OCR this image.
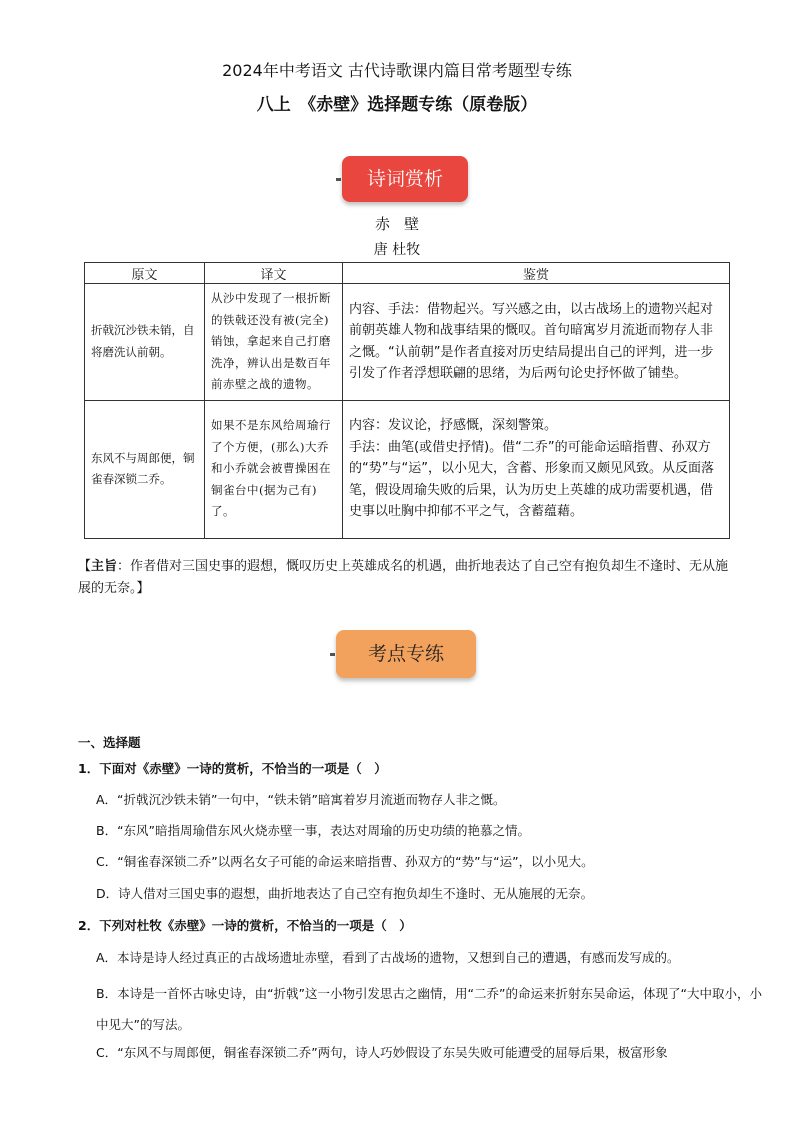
2024年中考语文 古代诗歌课内篇目常考题型专练
八上　《赤壁》选择题专练（原卷版）
诗词赏析
赤壁
唐 杜牧
原文	译文	鉴赏
折戟沉沙铁未销，自将磨洗认前朝。	从沙中发现了一根折断的铁戟还没有被(完全)销蚀，拿起来自己打磨洗净，辨认出是数百年前赤壁之战的遗物。	内容、手法：借物起兴。写兴感之由，以古战场上的遗物兴起对前朝英雄人物和战事结果的慨叹。首句暗寓岁月流逝而物存人非之慨。“认前朝”是作者直接对历史结局提出自己的评判，进一步引发了作者浮想联翩的思绪，为后两句论史抒怀做了铺垫。
东风不与周郎便，铜雀春深锁二乔。	如果不是东风给周瑜行了个方便，(那么)大乔和小乔就会被曹操困在铜雀台中(据为己有)了。	内容：发议论，抒感慨，深刻警策。
手法：曲笔(或借史抒情)。借“二乔”的可能命运暗指曹、孙双方的“势”与“运”，以小见大，含蓄、形象而又颇见风致。从反面落笔，假设周瑜失败的后果，认为历史上英雄的成功需要机遇，借史事以吐胸中抑郁不平之气，含蓄蕴藉。
【主旨：作者借对三国史事的遐想，慨叹历史上英雄成名的机遇，曲折地表达了自己空有抱负却生不逢时、无从施展的无奈。】
考点专练
一、选择题
1．下面对《赤壁》一诗的赏析，不恰当的一项是（　）
A．“折戟沉沙铁未销”一句中，“铁未销”暗寓着岁月流逝而物存人非之慨。
B．“东风”暗指周瑜借东风火烧赤壁一事，表达对周瑜的历史功绩的艳慕之情。
C．“铜雀春深锁二乔”以两名女子可能的命运来暗指曹、孙双方的“势”与“运”，以小见大。
D．诗人借对三国史事的遐想，曲折地表达了自己空有抱负却生不逢时、无从施展的无奈。
2．下列对杜牧《赤壁》一诗的赏析，不恰当的一项是（　）
A．本诗是诗人经过真正的古战场遗址赤壁，看到了古战场的遗物，又想到自己的遭遇，有感而发写成的。
B．本诗是一首怀古咏史诗，由“折戟”这一小物引发思古之幽情，用“二乔”的命运来折射东吴命运，体现了“大中取小，小中见大”的写法。
C．“东风不与周郎便，铜雀春深锁二乔”两句，诗人巧妙假设了东吴失败可能遭受的屈辱后果，极富形象
